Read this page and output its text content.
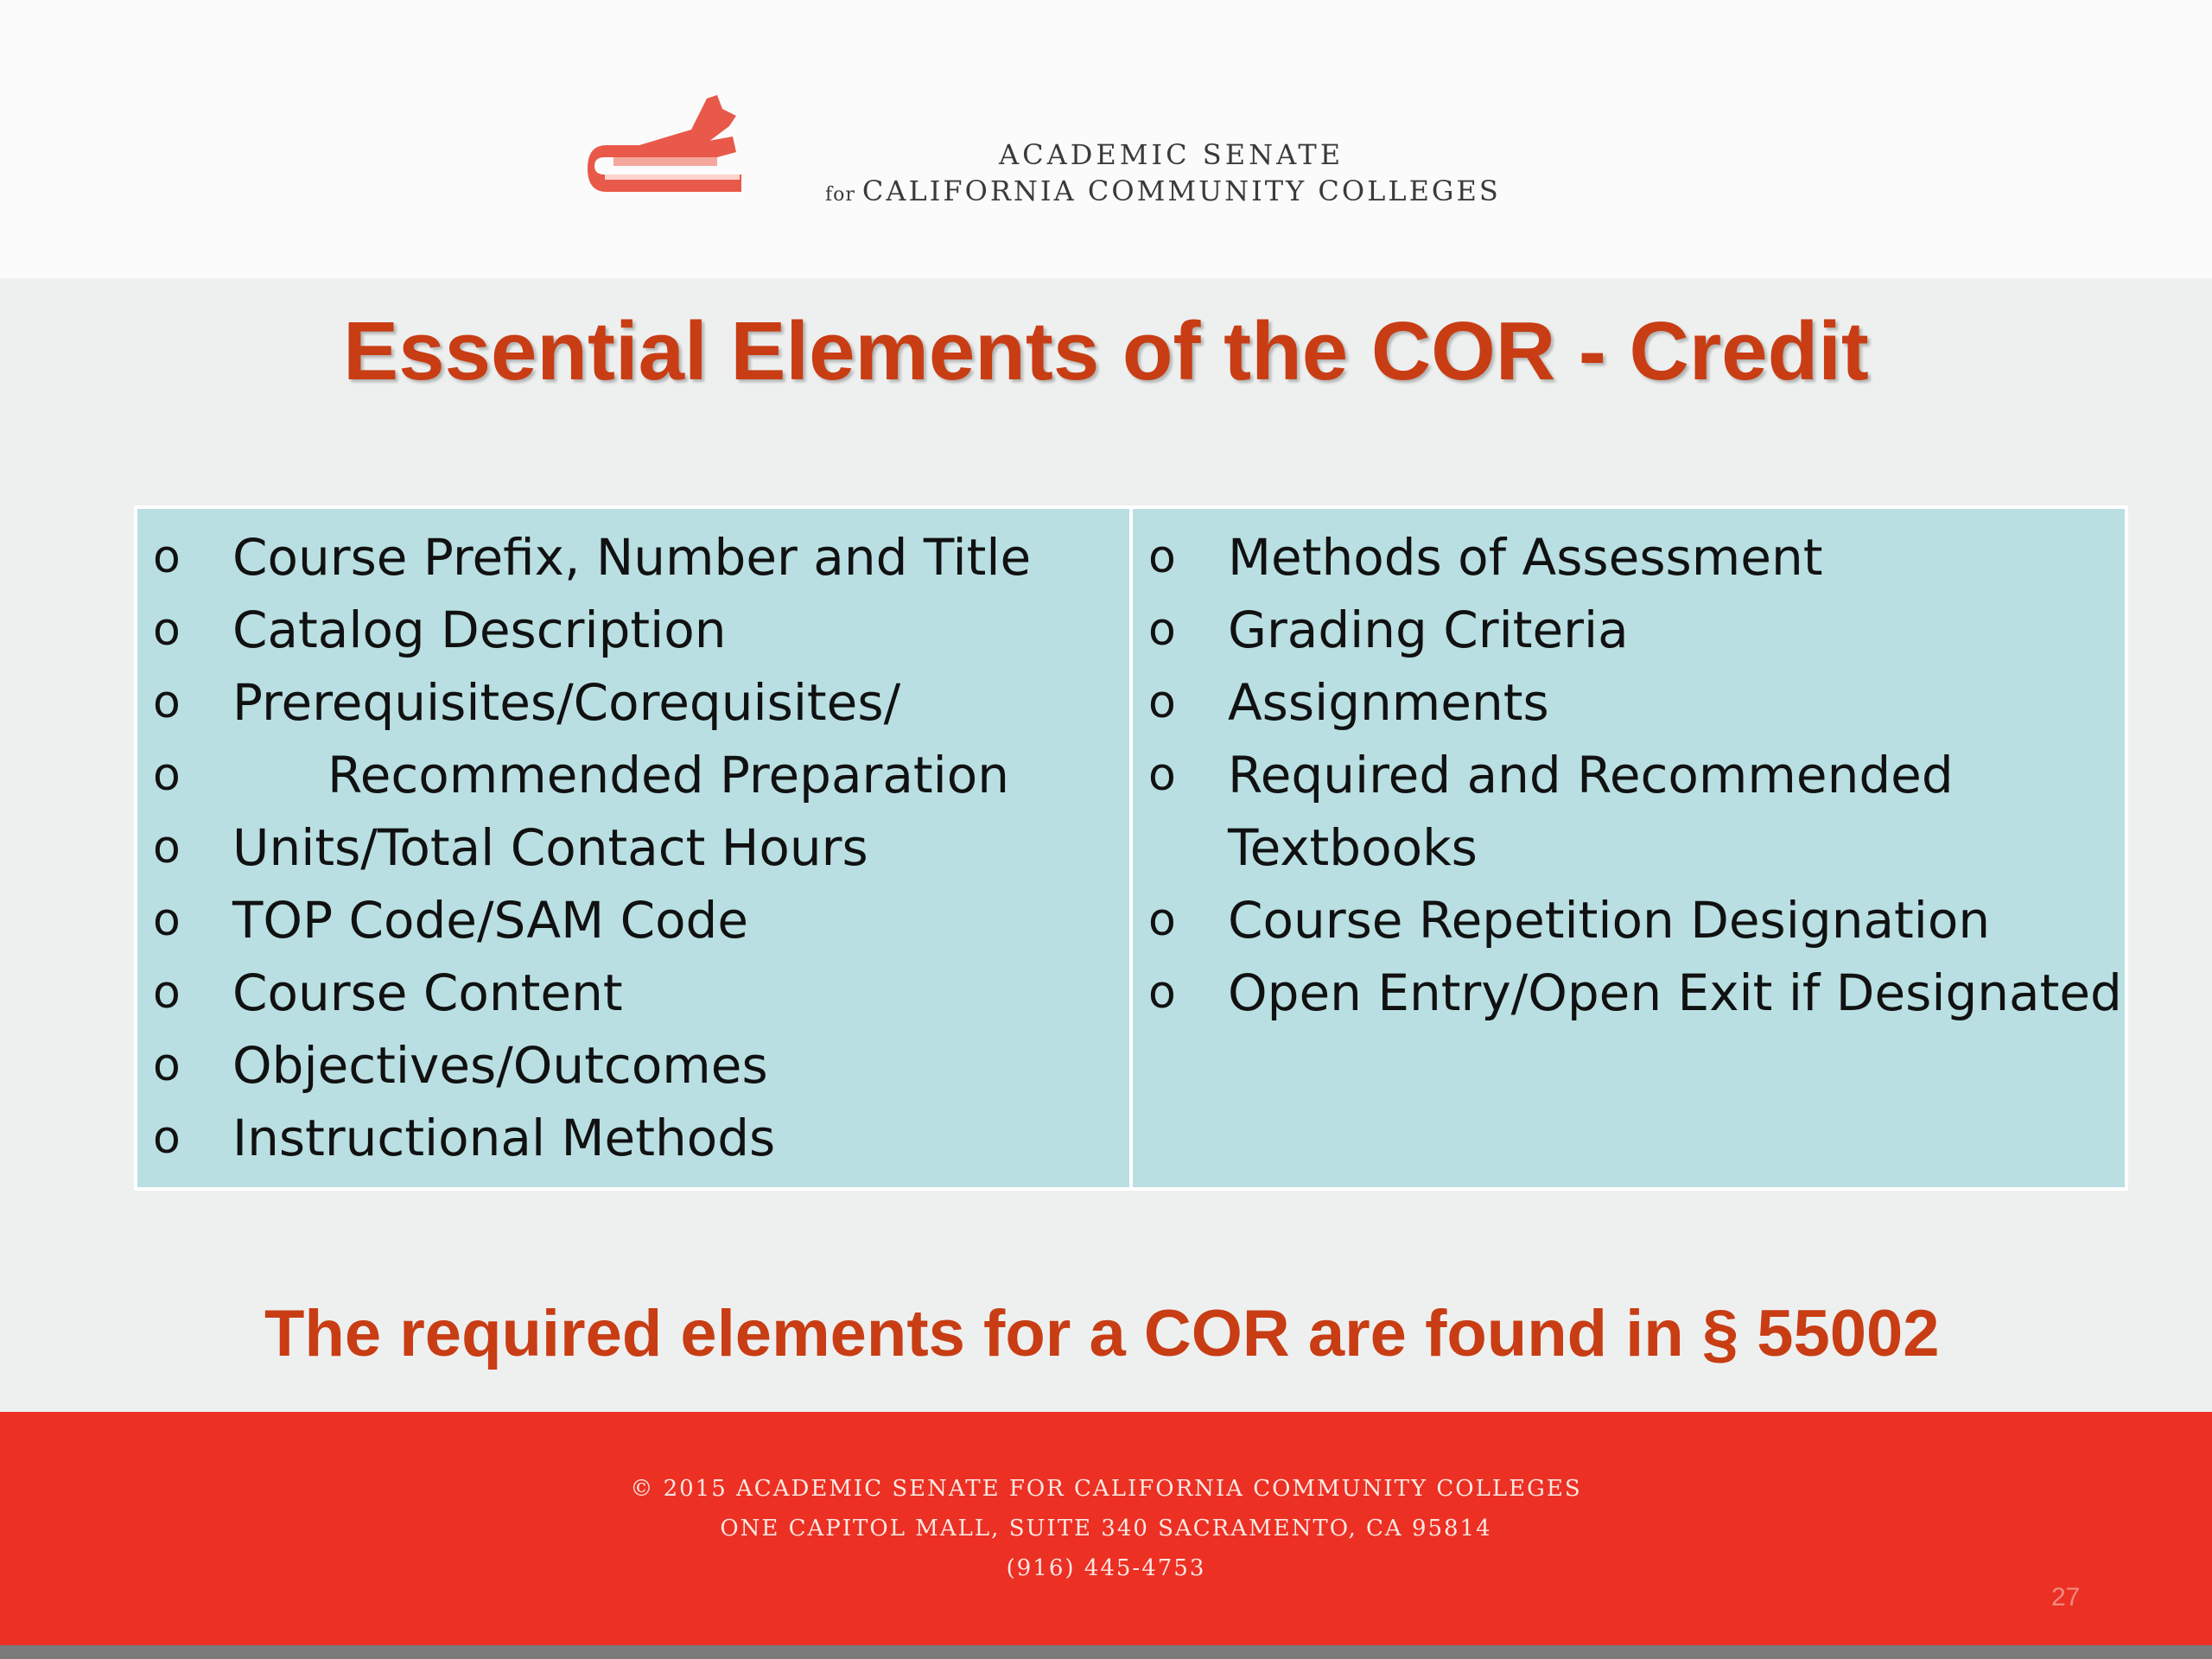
ACADEMIC SENATE
for CALIFORNIA COMMUNITY COLLEGES
Essential Elements of the COR - Credit
o Course Prefix, Number and Title
o Catalog Description
o Prerequisites/Corequisites/
o	Recommended Preparation
o Units/Total Contact Hours
o TOP Code/SAM Code
o Course Content
o Objectives/Outcomes
o Instructional Methods
o Methods of Assessment
o Grading Criteria
o Assignments
o Required and Recommended
Textbooks
o Course Repetition Designation
o Open Entry/Open Exit if Designated
The required elements for a COR are found in § 55002
© 2015 ACADEMIC SENATE FOR CALIFORNIA COMMUNITY COLLEGES
ONE CAPITOL MALL, SUITE 340 SACRAMENTO, CA 95814
(916) 445-4753
27
